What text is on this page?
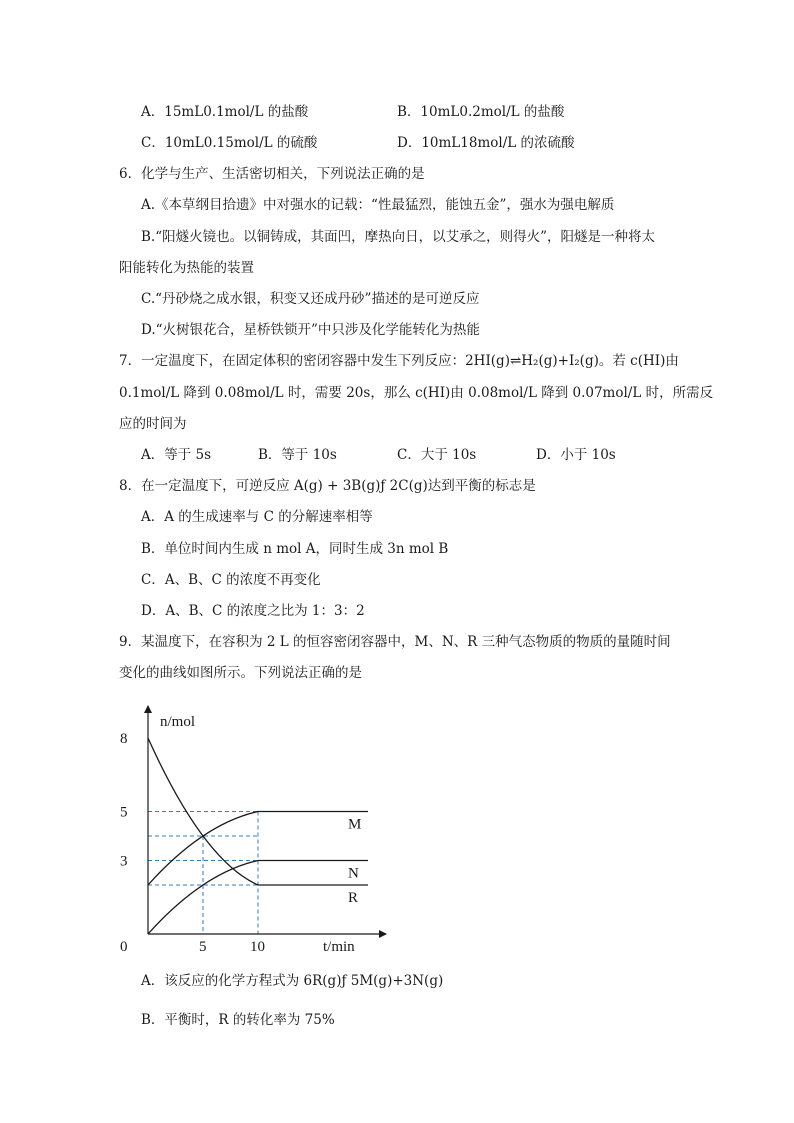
A．15mL0.1mol/L 的盐酸	B．10mL0.2mol/L 的盐酸
C．10mL0.15mol/L 的硫酸	D．10mL18mol/L 的浓硫酸
6．化学与生产、生活密切相关，下列说法正确的是
A.《本草纲目拾遗》中对强水的记载：“性最猛烈，能蚀五金”，强水为强电解质
B.“阳燧火镜也。以铜铸成，其面凹，摩热向日，以艾承之，则得火”，阳燧是一种将太
阳能转化为热能的装置
C.“丹砂烧之成水银，积变又还成丹砂”描述的是可逆反应
D.“火树银花合，星桥铁锁开”中只涉及化学能转化为热能
7．一定温度下，在固定体积的密闭容器中发生下列反应：2HI(g)⇌H₂(g)+I₂(g)。若 c(HI)由
0.1mol/L 降到 0.08mol/L 时，需要 20s，那么 c(HI)由 0.08mol/L 降到 0.07mol/L 时，所需反
应的时间为
A．等于 5s	B．等于 10s	C．大于 10s	D．小于 10s
8．在一定温度下，可逆反应 A(g) + 3B(g)ƒ 2C(g)达到平衡的标志是
A．A 的生成速率与 C 的分解速率相等
B．单位时间内生成 n mol A，同时生成 3n mol B
C．A、B、C 的浓度不再变化
D．A、B、C 的浓度之比为 1：3：2
9．某温度下，在容积为 2 L 的恒容密闭容器中，M、N、R 三种气态物质的物质的量随时间
变化的曲线如图所示。下列说法正确的是
M
N
R
8
5
3
0	5	10
n/mol
t/min
A．该反应的化学方程式为 6R(g)ƒ 5M(g)+3N(g)
B．平衡时，R 的转化率为 75%
